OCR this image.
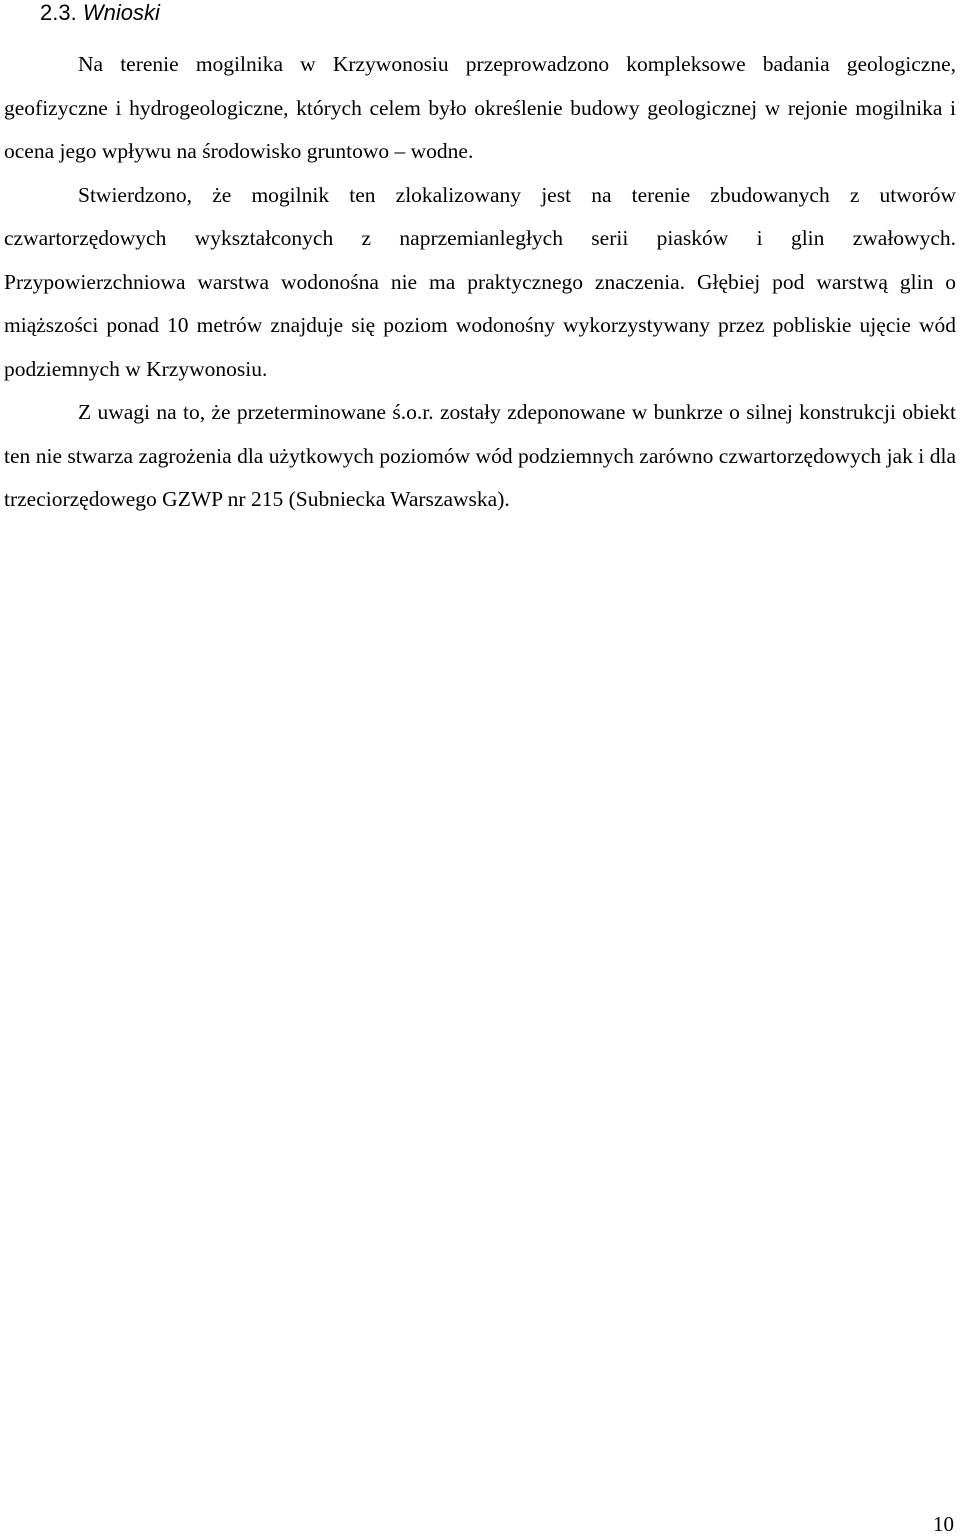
2.3. Wnioski

Na terenie mogilnika w Krzywonosiu przeprowadzono kompleksowe badania geologiczne, geofizyczne i hydrogeologiczne, których celem było określenie budowy geologicznej w rejonie mogilnika i ocena jego wpływu na środowisko gruntowo – wodne.

Stwierdzono, że mogilnik ten zlokalizowany jest na terenie zbudowanych z utworów czwartorzędowych wykształconych z naprzemianległych serii piasków i glin zwałowych. Przypowierzchniowa warstwa wodonośna nie ma praktycznego znaczenia. Głębiej pod warstwą glin o miąższości ponad 10 metrów znajduje się poziom wodonośny wykorzystywany przez pobliskie ujęcie wód podziemnych w Krzywonosiu.

Z uwagi na to, że przeterminowane ś.o.r. zostały zdeponowane w bunkrze o silnej konstrukcji obiekt ten nie stwarza zagrożenia dla użytkowych poziomów wód podziemnych zarówno czwartorzędowych jak i dla trzeciorzędowego GZWP nr 215 (Subniecka Warszawska).

10
